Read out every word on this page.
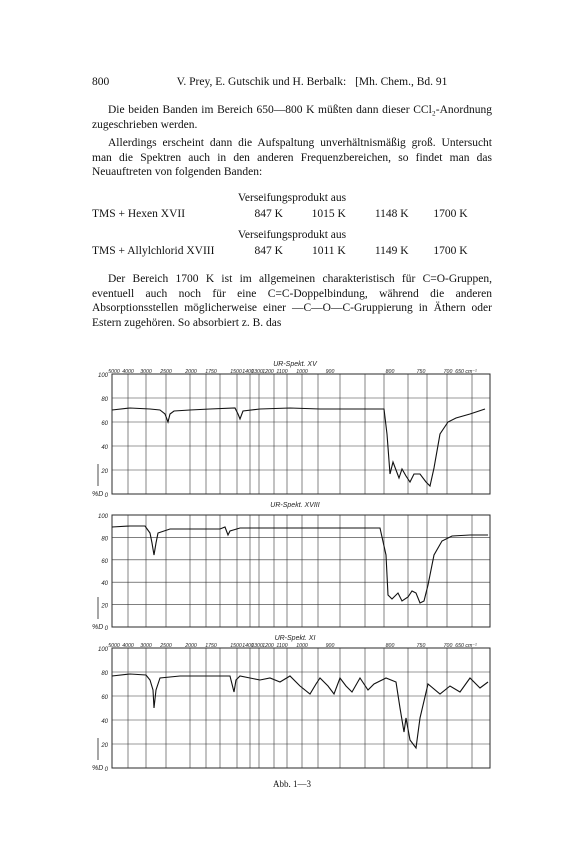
800	V. Prey, E. Gutschik und H. Berbalk: [Mh. Chem., Bd. 91

Die beiden Banden im Bereich 650—800 K müßten dann dieser CCl₂-Anordnung zugeschrieben werden.

Allerdings erscheint dann die Aufspaltung unverhältnismäßig groß. Untersucht man die Spektren auch in den anderen Frequenzbereichen, so findet man das Neuauftreten von folgenden Banden:

Verseifungsprodukt aus
TMS + Hexen XVII	847 K 1015 K	1148 K 1700 K
Verseifungsprodukt aus
TMS + Allylchlorid XVIII	847 K	1011 K	1149 K 1700 K

Der Bereich 1700 K ist im allgemeinen charakteristisch für C=O-Gruppen, eventuell auch noch für eine C=C-Doppelbindung, während die anderen Absorptionsstellen möglicherweise einer —C—O—C-Gruppierung in Äthern oder Estern zugehören. So absorbiert z. B. das

100
80
60
40
20
0
UR-Spekt. XV
5000 4000 3000 2500	2000 1750	1500 1400
1300 1200 1100 1000	900	800	750	700 650 cm⁻¹
%D
100
80
60
40
20
0
UR-Spekt. XVIII
%D
100
80
60
40
20
0
UR-Spekt. XI
5000 4000 3000 2500	2000 1750	1500 1400
1300 1200 1100 1000	900	800	750	700 650 cm⁻¹
%D
Abb. 1—3
